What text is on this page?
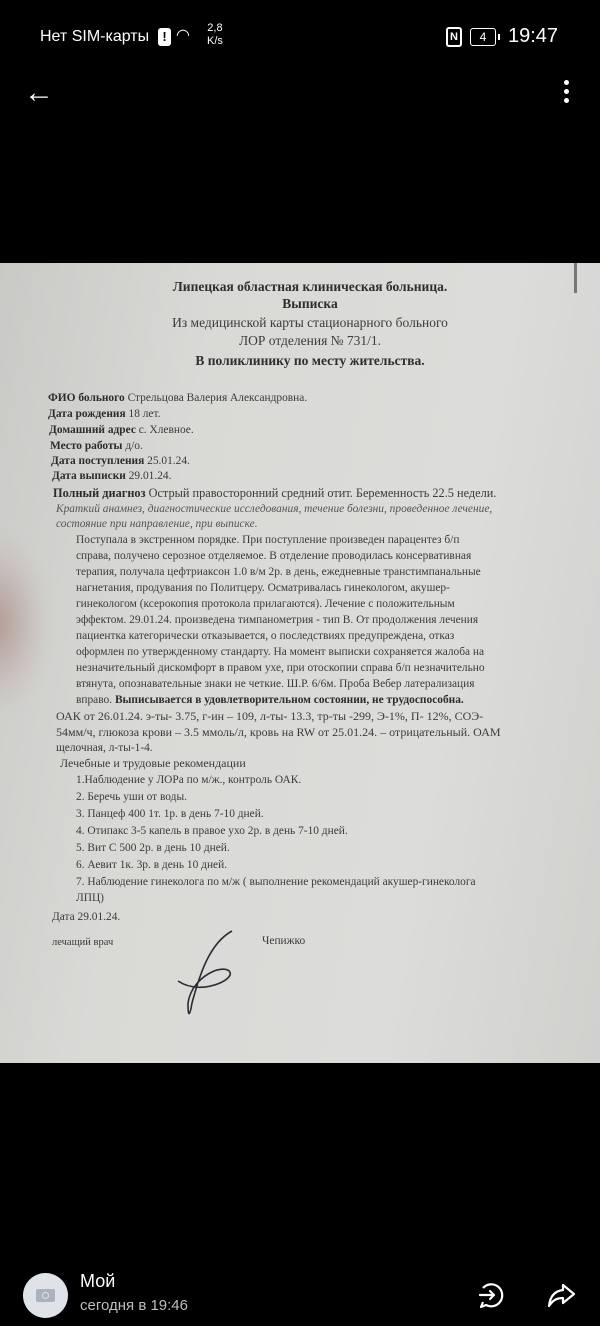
Нет SIM-карты	! ◠ 2,8
K/s	N	4	19:47
←
Липецкая областная клиническая больница.
Выписка
Из медицинской карты стационарного больного
ЛОР отделения № 731/1.
В поликлинику по месту жительства.
ФИО больного Стрельцова Валерия Александровна.
Дата рождения 18 лет.
Домашний адрес с. Хлевное.
Место работы д/о.
Дата поступления 25.01.24.
Дата выписки 29.01.24.
Полный диагноз Острый правосторонний средний отит. Беременность 22.5 недели.
Краткий анамнез, диагностические исследования, течение болезни, проведенное лечение,
состояние при направление, при выписке.
Поступала в экстренном порядке. При поступление произведен парацентез б/п
справа, получено серозное отделяемое. В отделение проводилась консервативная
терапия, получала цефтриаксон 1.0 в/м 2р. в день, ежедневные транстимпанальные
нагнетания, продувания по Политцеру. Осматривалась гинекологом, акушер-
гинекологом (ксерокопия протокола прилагаются). Лечение с положительным
эффектом. 29.01.24. произведена тимпанометрия - тип В. От продолжения лечения
пациентка категорически отказывается, о последствиях предупреждена, отказ
оформлен по утвержденному стандарту. На момент выписки сохраняется жалоба на
незначительный дискомфорт в правом ухе, при отоскопии справа б/п незначительно
втянута, опознавательные знаки не четкие. Ш.Р. 6/6м. Проба Вебер латерализация
вправо. Выписывается в удовлетворительном состоянии, не трудоспособна.
ОАК от 26.01.24. э-ты- 3.75, г-ин – 109, л-ты- 13.3, тр-ты -299, Э-1%, П- 12%, СОЭ-
54мм/ч, глюкоза крови – 3.5 ммоль/л, кровь на RW от 25.01.24. – отрицательный. ОАМ
щелочная, л-ты-1-4.
Лечебные и трудовые рекомендации
1.Наблюдение у ЛОРа по м/ж., контроль ОАК.
2. Беречь уши от воды.
3. Панцеф 400 1т. 1р. в день 7-10 дней.
4. Отипакс 3-5 капель в правое ухо 2р. в день 7-10 дней.
5. Вит С 500 2р. в день 10 дней.
6. Аевит 1к. 3р. в день 10 дней.
7. Наблюдение гинеколога по м/ж ( выполнение рекомендаций акушер-гинеколога
ЛПЦ)
Дата 29.01.24.
лечащий врач	Чепижко
Мой
сегодня в 19:46
